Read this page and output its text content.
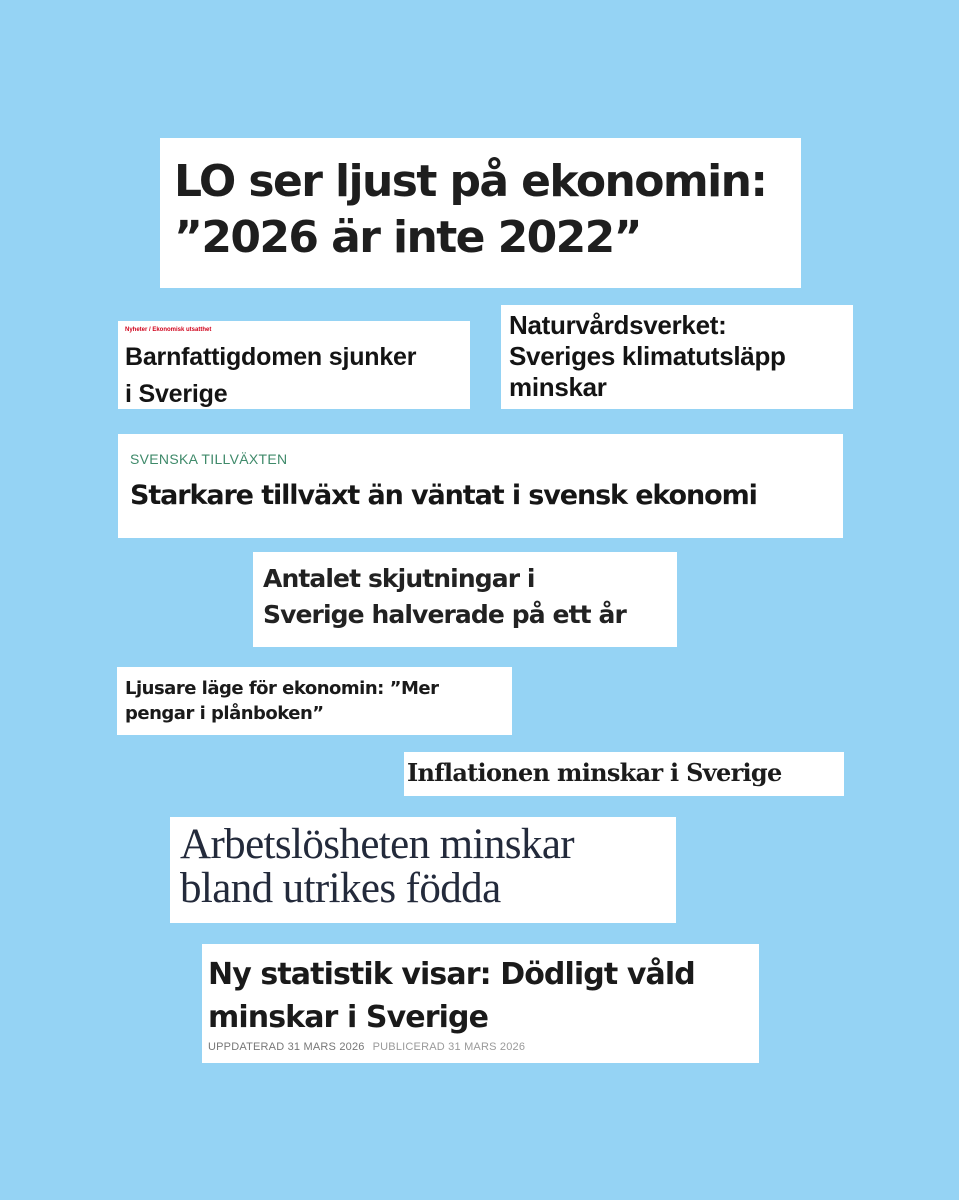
LO ser ljust på ekonomin:
”2026 är inte 2022”
Nyheter / Ekonomisk utsatthet
Barnfattigdomen sjunker
i Sverige
Naturvårdsverket:
Sveriges klimatutsläpp
minskar
SVENSKA TILLVÄXTEN
Starkare tillväxt än väntat i svensk ekonomi
Antalet skjutningar i
Sverige halverade på ett år
Ljusare läge för ekonomin: ”Mer
pengar i plånboken”
Inflationen minskar i Sverige
Arbetslösheten minskar
bland utrikes födda
Ny statistik visar: Dödligt våld
minskar i Sverige
UPPDATERAD 31 MARS 2026 PUBLICERAD 31 MARS 2026
